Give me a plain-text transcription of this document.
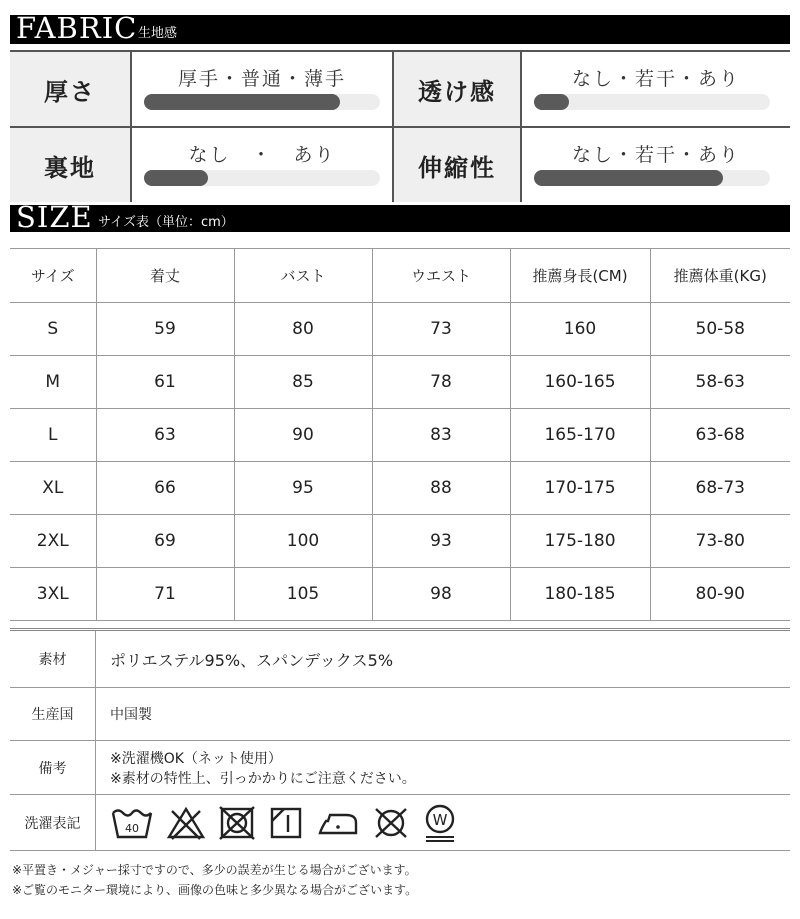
FABRIC 生地感
厚さ	厚手・普通・薄手	透け感	なし・若干・あり
裏地	なし　・　あり	伸縮性	なし・若干・あり
SIZE サイズ表（単位：cm）
サイズ	着丈	バスト	ウエスト	推薦身長(CM)	推薦体重(KG)
S	59	80	73	160	50-58
M	61	85	78	160-165	58-63
L	63	90	83	165-170	63-68
XL	66	95	88	170-175	68-73
2XL	69	100	93	175-180	73-80
3XL	71	105	98	180-185	80-90
素材	ポリエステル95%、スパンデックス5%
生産国	中国製
備考	※洗濯機OK（ネット使用）
※素材の特性上、引っかかりにご注意ください。

洗濯表記	40 W
※平置き・メジャー採寸ですので、多少の誤差が生じる場合がございます。
※ご覧のモニター環境により、画像の色味と多少異なる場合がございます。
